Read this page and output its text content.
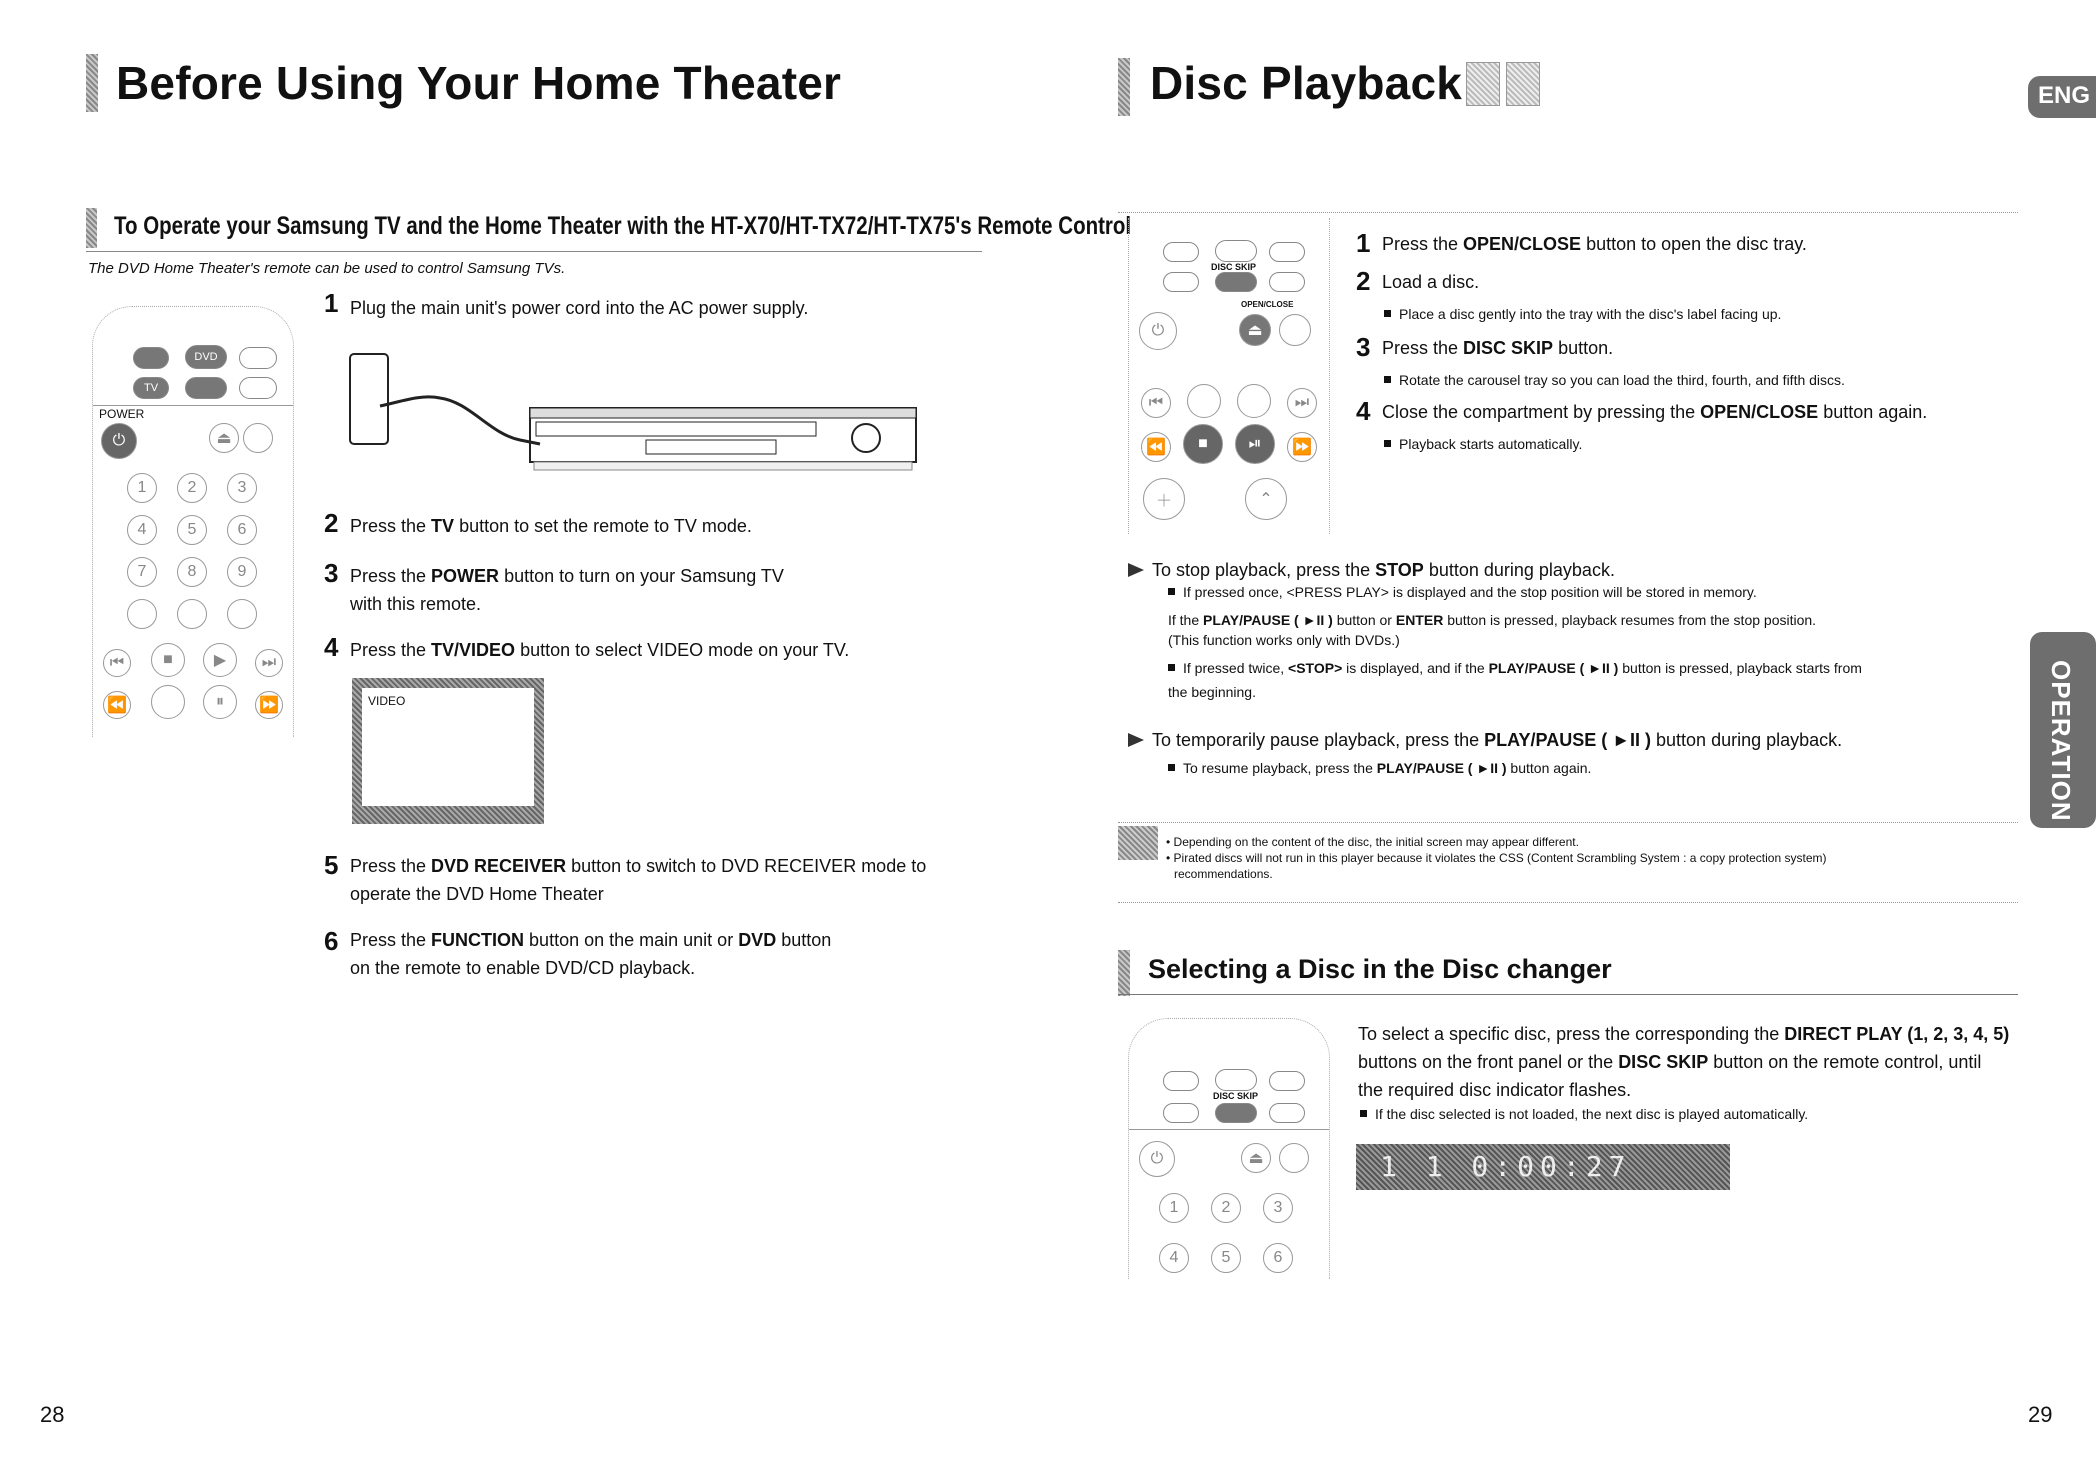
Before Using Your Home Theater
To Operate your Samsung TV and the Home Theater with the HT-X70/HT-TX72/HT-TX75's Remote Control
The DVD Home Theater's remote can be used to control Samsung TVs.
DVD
TV
POWER
⏻	⏏
1	2	3
4	5	6
7	8	9
⏮	■	▶	⏭
⏪	⏸	⏩
1 Plug the main unit's power cord into the AC power supply.
2 Press the TV button to set the remote to TV mode.
3 Press the POWER button to turn on your Samsung TV
with this remote.
4 Press the TV/VIDEO button to select VIDEO mode on your TV.
VIDEO
5 Press the DVD RECEIVER button to switch to DVD RECEIVER mode to
operate the DVD Home Theater
6 Press the FUNCTION button on the main unit or DVD button
on the remote to enable DVD/CD playback.
28
Disc Playback	ENG
DISC SKIP
OPEN/CLOSE
⏻	⏏
⏮	⏭
⏪	■	⏯	⏩
＋	⌃
1 Press the OPEN/CLOSE button to open the disc tray.
2 Load a disc.
Place a disc gently into the tray with the disc's label facing up.
3 Press the DISC SKIP button.
Rotate the carousel tray so you can load the third, fourth, and fifth discs.
4 Close the compartment by pressing the OPEN/CLOSE button again.
Playback starts automatically.
To stop playback, press the STOP button during playback.
If pressed once, <PRESS PLAY> is displayed and the stop position will be stored in memory.
If the PLAY/PAUSE ( ►II ) button or ENTER button is pressed, playback resumes from the stop position.
(This function works only with DVDs.)
If pressed twice, <STOP> is displayed, and if the PLAY/PAUSE ( ►II ) button is pressed, playback starts from
the beginning.
To temporarily pause playback, press the PLAY/PAUSE ( ►II ) button during playback.
To resume playback, press the PLAY/PAUSE ( ►II ) button again.
• Depending on the content of the disc, the initial screen may appear different.
• Pirated discs will not run in this player because it violates the CSS (Content Scrambling System : a copy protection system)
recommendations.
Selecting a Disc in the Disc changer
DISC SKIP
⏻	⏏
1	2	3
4	5	6
To select a specific disc, press the corresponding the DIRECT PLAY (1, 2, 3, 4, 5)
buttons on the front panel or the DISC SKIP button on the remote control, until
the required disc indicator flashes.
If the disc selected is not loaded, the next disc is played automatically.
1 1 0:00:27
OPERATION
29
